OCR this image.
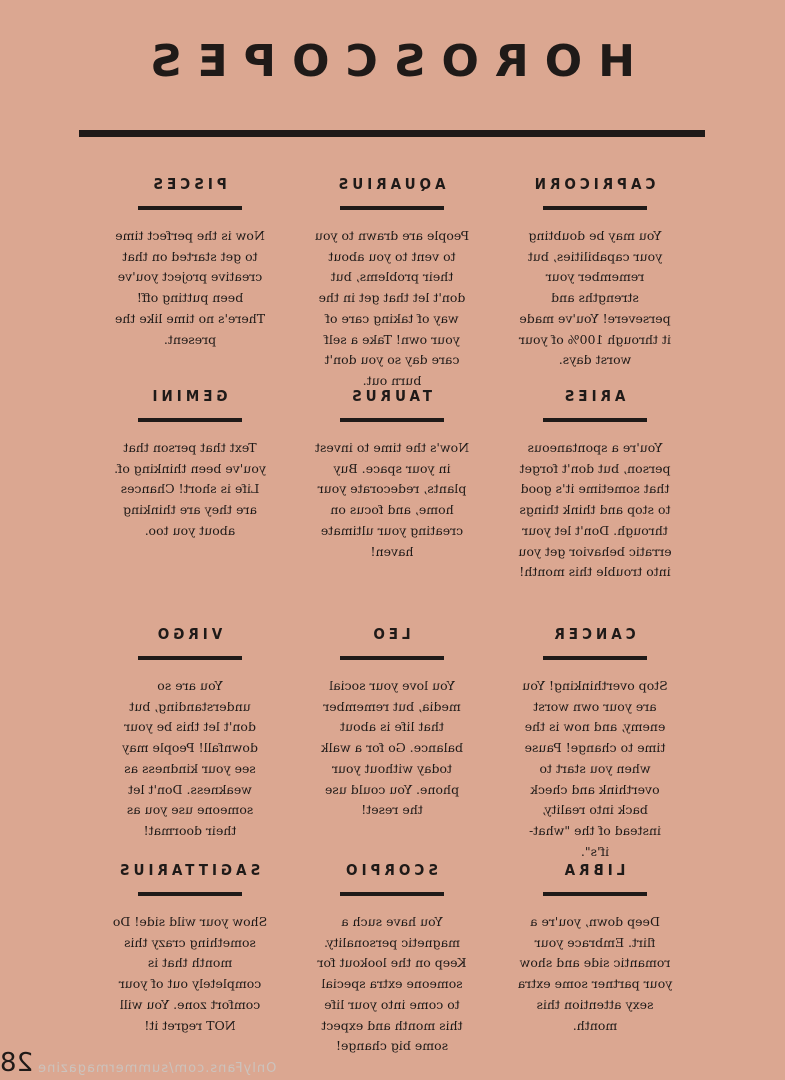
HOROSCOPES
CAPRICORN
You may be doubting your capabilities, but remember your strengths and persevere! You've made it through 100% of your worst days.
AQUARIUS
People are drawn to you to vent to you about their problems, but don't let that get in the way of taking care of your own! Take a self care day so you don't burn out.
PISCES
Now is the perfect time to get started on that creative project you've been putting off! There's no time like the present.
ARIES
You're a spontaneous person, but don't forget that sometime it's good to stop and think things through. Don't let your erratic behavior get you into trouble this month!
TAURUS
Now's the time to invest in your space. Buy plants, redecorate your home, and focus on creating your ultimate haven!
GEMINI
Text that person that you've been thinking of. Life is short! Chances are they are thinking about you too.
CANCER
Stop overthinking! You are your own worst enemy, and now is the time to change! Pause when you start to overthink and check back into reality, instead of the "what-if's".
LEO
You love your social media, but remember that life is about balance. Go for a walk today without your phone. You could use the reset!
VIRGO
You are so understanding, but don't let this be your downfall! People may see your kindness as weakness. Don't let someone use you as their doormat!
LIBRA
Deep down, you're a flirt. Embrace your romantic side and show your partner some extra sexy attention this month.
SCORPIO
You have such a magnetic personality. Keep on the lookout for someone extra special to come into your life this month and expect some big change!
SAGITTARIUS
Show your wild side! Do something crazy this month that is completely out of your comfort zone. You will NOT regret it!
OnlyFans.com/summermagazine
28
